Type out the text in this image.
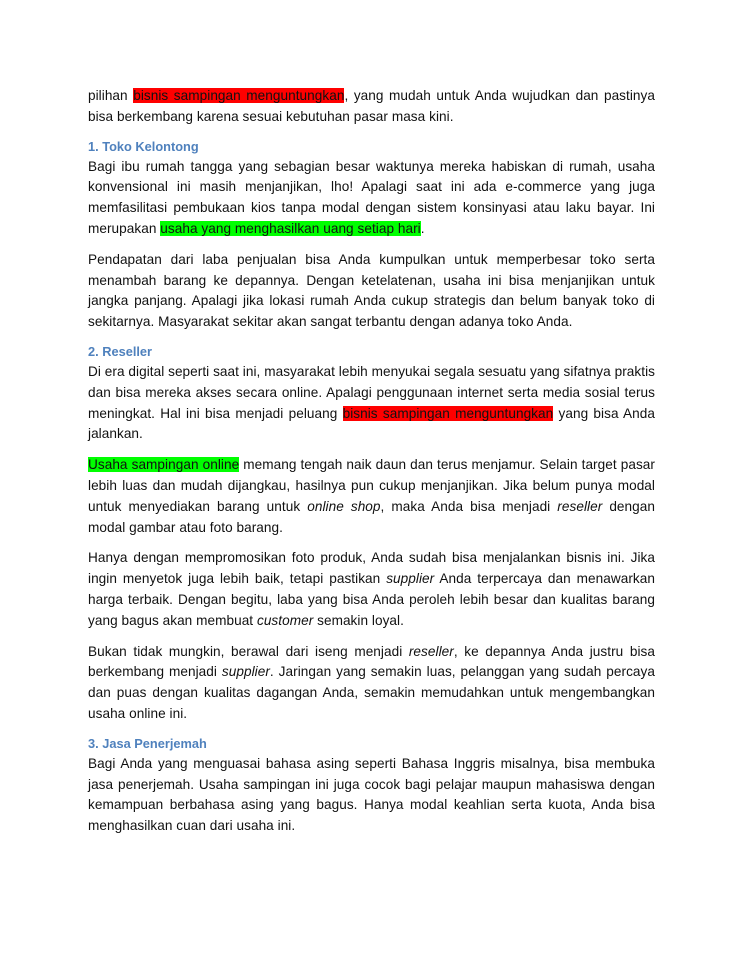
pilihan bisnis sampingan menguntungkan, yang mudah untuk Anda wujudkan dan pastinya bisa berkembang karena sesuai kebutuhan pasar masa kini.

1. Toko Kelontong

Bagi ibu rumah tangga yang sebagian besar waktunya mereka habiskan di rumah, usaha konvensional ini masih menjanjikan, lho! Apalagi saat ini ada e-commerce yang juga memfasilitasi pembukaan kios tanpa modal dengan sistem konsinyasi atau laku bayar. Ini merupakan usaha yang menghasilkan uang setiap hari.

Pendapatan dari laba penjualan bisa Anda kumpulkan untuk memperbesar toko serta menambah barang ke depannya. Dengan ketelatenan, usaha ini bisa menjanjikan untuk jangka panjang. Apalagi jika lokasi rumah Anda cukup strategis dan belum banyak toko di sekitarnya. Masyarakat sekitar akan sangat terbantu dengan adanya toko Anda.

2. Reseller

Di era digital seperti saat ini, masyarakat lebih menyukai segala sesuatu yang sifatnya praktis dan bisa mereka akses secara online. Apalagi penggunaan internet serta media sosial terus meningkat. Hal ini bisa menjadi peluang bisnis sampingan menguntungkan yang bisa Anda jalankan.

Usaha sampingan online memang tengah naik daun dan terus menjamur. Selain target pasar lebih luas dan mudah dijangkau, hasilnya pun cukup menjanjikan. Jika belum punya modal untuk menyediakan barang untuk online shop, maka Anda bisa menjadi reseller dengan modal gambar atau foto barang.

Hanya dengan mempromosikan foto produk, Anda sudah bisa menjalankan bisnis ini. Jika ingin menyetok juga lebih baik, tetapi pastikan supplier Anda terpercaya dan menawarkan harga terbaik. Dengan begitu, laba yang bisa Anda peroleh lebih besar dan kualitas barang yang bagus akan membuat customer semakin loyal.

Bukan tidak mungkin, berawal dari iseng menjadi reseller, ke depannya Anda justru bisa berkembang menjadi supplier. Jaringan yang semakin luas, pelanggan yang sudah percaya dan puas dengan kualitas dagangan Anda, semakin memudahkan untuk mengembangkan usaha online ini.

3. Jasa Penerjemah

Bagi Anda yang menguasai bahasa asing seperti Bahasa Inggris misalnya, bisa membuka jasa penerjemah. Usaha sampingan ini juga cocok bagi pelajar maupun mahasiswa dengan kemampuan berbahasa asing yang bagus. Hanya modal keahlian serta kuota, Anda bisa menghasilkan cuan dari usaha ini.
